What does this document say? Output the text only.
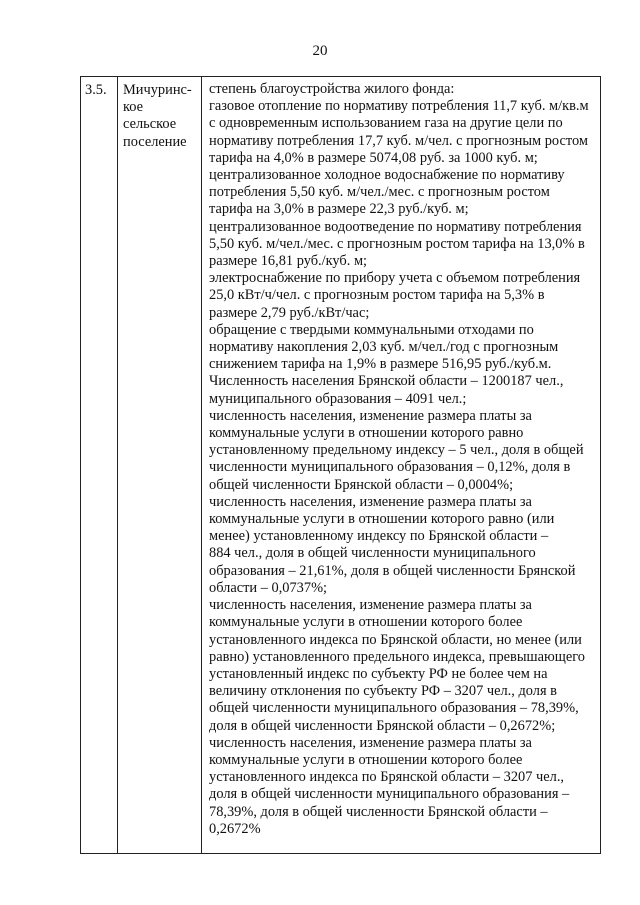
20
3.5.	Мичуринс-
кое
сельское
поселение
степень благоустройства жилого фонда:
газовое отопление по нормативу потребления 11,7 куб. м/кв.м
с одновременным использованием газа на другие цели по
нормативу потребления 17,7 куб. м/чел. с прогнозным ростом
тарифа на 4,0% в размере 5074,08 руб. за 1000 куб. м;
централизованное холодное водоснабжение по нормативу
потребления 5,50 куб. м/чел./мес. с прогнозным ростом
тарифа на 3,0% в размере 22,3 руб./куб. м;
централизованное водоотведение по нормативу потребления
5,50 куб. м/чел./мес. с прогнозным ростом тарифа на 13,0% в
размере 16,81 руб./куб. м;
электроснабжение по прибору учета с объемом потребления
25,0 кВт/ч/чел. с прогнозным ростом тарифа на 5,3% в
размере 2,79 руб./кВт/час;
обращение с твердыми коммунальными отходами по
нормативу накопления 2,03 куб. м/чел./год с прогнозным
снижением тарифа на 1,9% в размере 516,95 руб./куб.м.
Численность населения Брянской области – 1200187 чел.,
муниципального образования – 4091 чел.;
численность населения, изменение размера платы за
коммунальные услуги в отношении которого равно
установленному предельному индексу – 5 чел., доля в общей
численности муниципального образования – 0,12%, доля в
общей численности Брянской области – 0,0004%;
численность населения, изменение размера платы за
коммунальные услуги в отношении которого равно (или
менее) установленному индексу по Брянской области –
884 чел., доля в общей численности муниципального
образования – 21,61%, доля в общей численности Брянской
области – 0,0737%;
численность населения, изменение размера платы за
коммунальные услуги в отношении которого более
установленного индекса по Брянской области, но менее (или
равно) установленного предельного индекса, превышающего
установленный индекс по субъекту РФ не более чем на
величину отклонения по субъекту РФ – 3207 чел., доля в
общей численности муниципального образования – 78,39%,
доля в общей численности Брянской области – 0,2672%;
численность населения, изменение размера платы за
коммунальные услуги в отношении которого более
установленного индекса по Брянской области – 3207 чел.,
доля в общей численности муниципального образования –
78,39%, доля в общей численности Брянской области –
0,2672%
